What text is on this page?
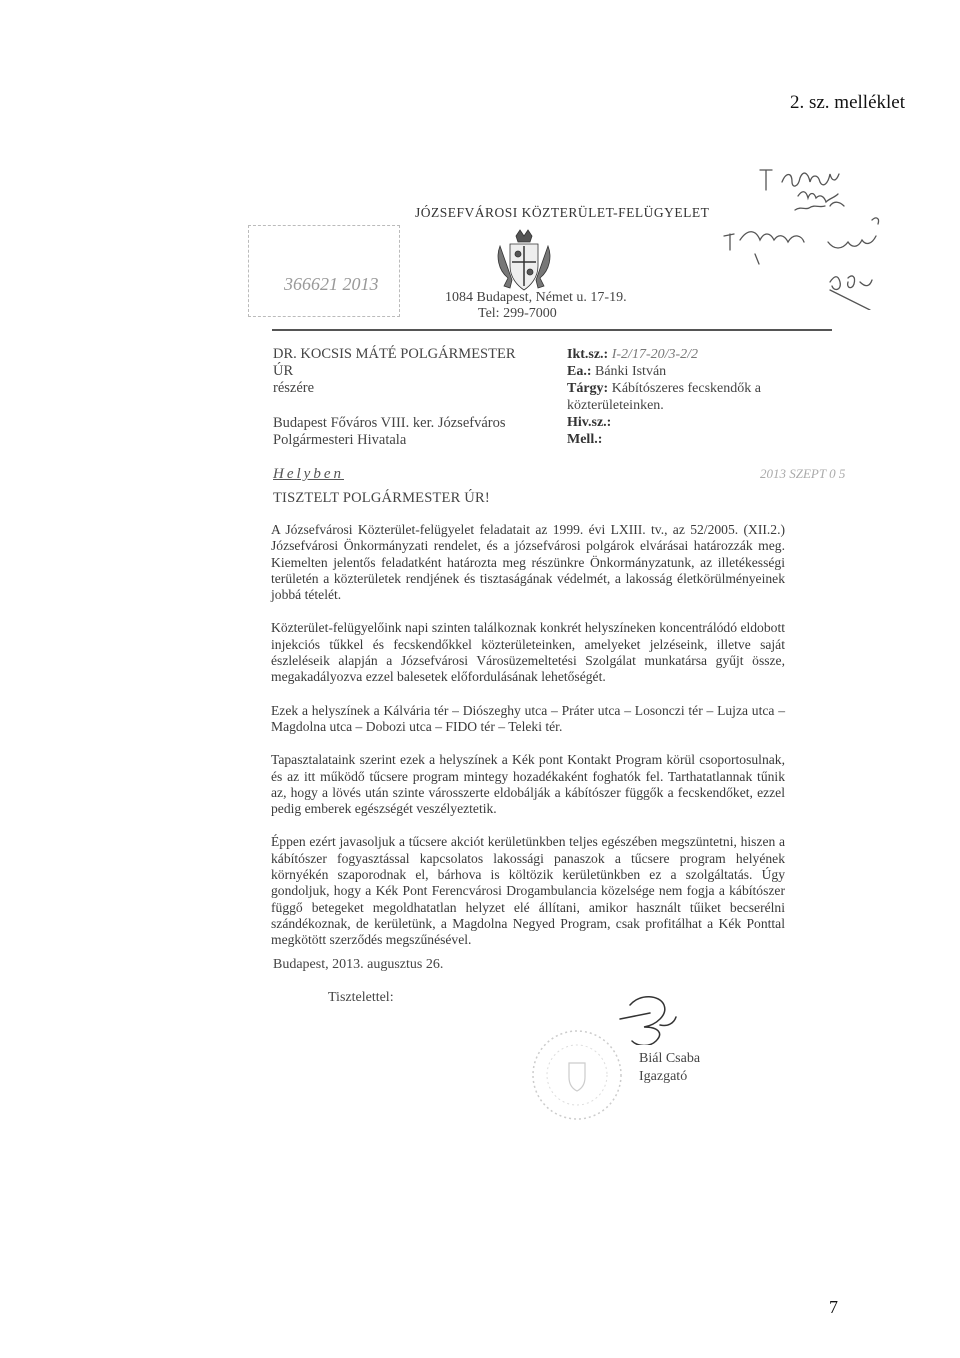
2. sz. melléklet
366621 2013
JÓZSEFVÁROSI KÖZTERÜLET-FELÜGYELET
1084 Budapest, Német u. 17-19.
Tel: 299-7000
DR. KOCSIS MÁTÉ POLGÁRMESTER
ÚR
részére
Budapest Főváros VIII. ker. Józsefváros
Polgármesteri Hivatala
Helyben
Ikt.sz.: I-2/17-20/3-2/2
Ea.: Bánki István
Tárgy: Kábítószeres fecskendők a közterületeinken.
Hiv.sz.:
Mell.:
2013 SZEPT 0 5
TISZTELT POLGÁRMESTER ÚR!

A Józsefvárosi Közterület-felügyelet feladatait az 1999. évi LXIII. tv., az 52/2005. (XII.2.) Józsefvárosi Önkormányzati rendelet, és a józsefvárosi polgárok elvárásai határozzák meg. Kiemelten jelentős feladatként határozta meg részünkre Önkormányzatunk, az illetékességi területén a közterületek rendjének és tisztaságának védelmét, a lakosság életkörülményeinek jobbá tételét.

Közterület-felügyelőink napi szinten találkoznak konkrét helyszíneken koncentrálódó eldobott injekciós tűkkel és fecskendőkkel közterületeinken, amelyeket jelzéseink, illetve saját észleléseik alapján a Józsefvárosi Városüzemeltetési Szolgálat munkatársa gyűjt össze, megakadályozva ezzel balesetek előfordulásának lehetőségét.

Ezek a helyszínek a Kálvária tér – Diószeghy utca – Práter utca – Losonczi tér – Lujza utca – Magdolna utca – Dobozi utca – FIDO tér – Teleki tér.

Tapasztalataink szerint ezek a helyszínek a Kék pont Kontakt Program körül csoportosulnak, és az itt működő tűcsere program mintegy hozadékaként foghatók fel. Tarthatatlannak tűnik az, hogy a lövés után szinte városszerte eldobálják a kábítószer függők a fecskendőket, ezzel pedig emberek egészségét veszélyeztetik.

Éppen ezért javasoljuk a tűcsere akciót kerületünkben teljes egészében megszüntetni, hiszen a kábítószer fogyasztással kapcsolatos lakossági panaszok a tűcsere program helyének környékén szaporodnak el, bárhova is költözik kerületünkben ez a szolgáltatás. Úgy gondoljuk, hogy a Kék Pont Ferencvárosi Drogambulancia közelsége nem fogja a kábítószer függő betegeket megoldhatatlan helyzet elé állítani, amikor használt tűiket becserélni szándékoznak, de kerületünk, a Magdolna Negyed Program, csak profitálhat a Kék Ponttal megkötött szerződés megszűnésével.

Budapest, 2013. augusztus 26.
Tisztelettel:
Biál Csaba
Igazgató
7
